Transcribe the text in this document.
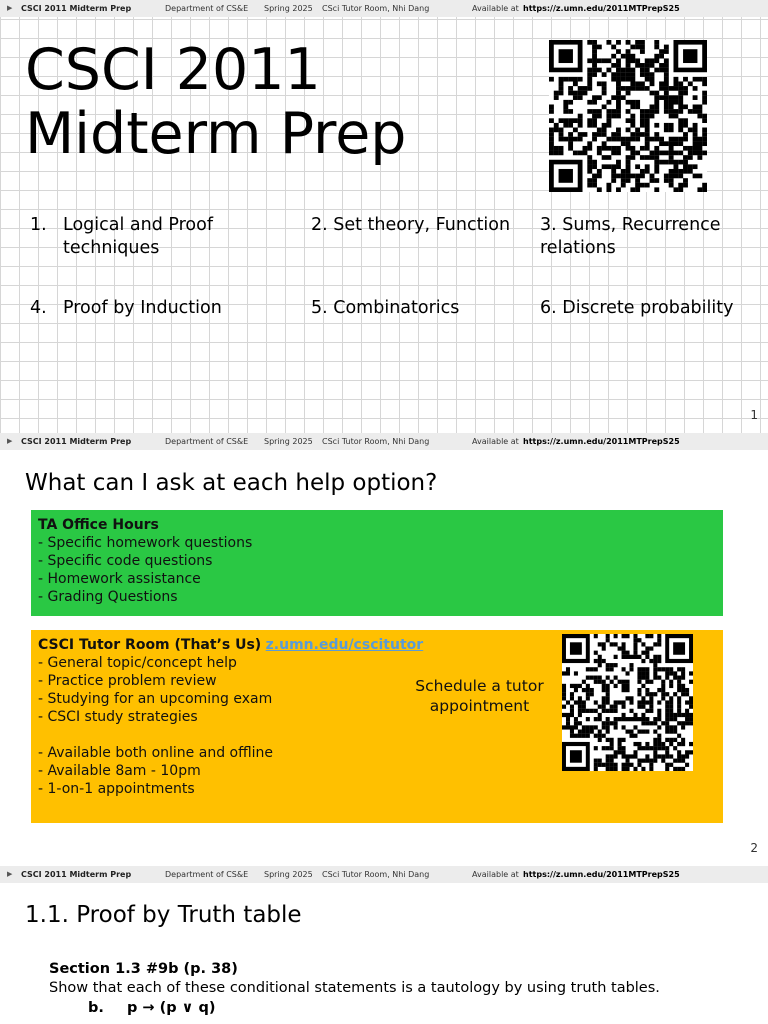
▶ CSCI 2011 Midterm Prep	Department of CS&E Spring 2025 CSci Tutor Room, Nhi Dang	Available at https://z.umn.edu/2011MTPrepS25
CSCI 2011
Midterm Prep
1. Logical and Proof techniques
2. Set theory, Function 3. Sums, Recurrence relations
4. Proof by Induction	5. Combinatorics	6. Discrete probability
1
▶ CSCI 2011 Midterm Prep	Department of CS&E Spring 2025 CSci Tutor Room, Nhi Dang	Available at https://z.umn.edu/2011MTPrepS25
What can I ask at each help option?
TA Office Hours
- Specific homework questions
- Specific code questions
- Homework assistance
- Grading Questions
CSCI Tutor Room (That’s Us) z.umn.edu/cscitutor
- General topic/concept help
- Practice problem review
- Studying for an upcoming exam
- CSCI study strategies
- Available both online and offline
- Available 8am - 10pm
- 1-on-1 appointments
Schedule a tutor
appointment
2
▶ CSCI 2011 Midterm Prep	Department of CS&E Spring 2025 CSci Tutor Room, Nhi Dang	Available at https://z.umn.edu/2011MTPrepS25
1.1. Proof by Truth table
Section 1.3 #9b (p. 38)
Show that each of these conditional statements is a tautology by using truth tables.
b. p → (p ∨ q)
